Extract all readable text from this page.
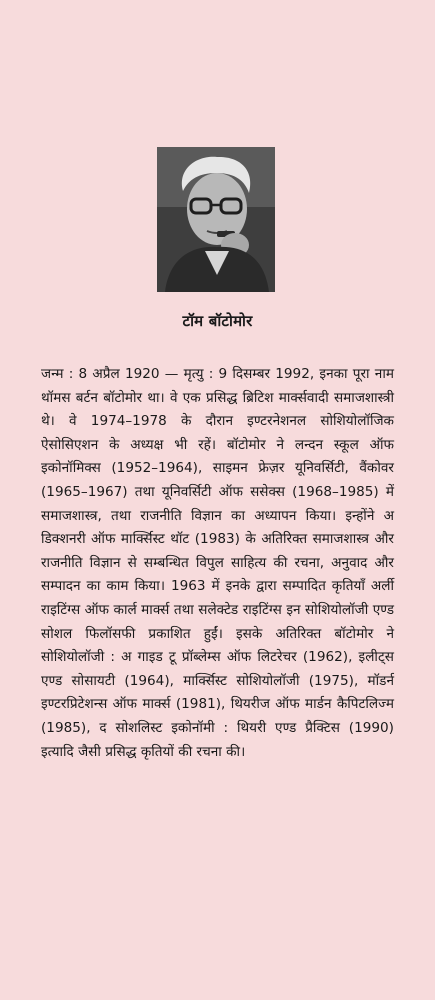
टॉम बॉटोमोर

जन्म : 8 अप्रैल 1920 — मृत्यु : 9 दिसम्बर 1992, इनका पूरा नाम थॉमस बर्टन बॉटोमोर था। वे एक प्रसिद्ध ब्रिटिश मार्क्सवादी समाजशास्त्री थे। वे 1974–1978 के दौरान इण्टरनेशनल सोशियोलॉजिक ऐसोसिएशन के अध्यक्ष भी रहें। बॉटोमोर ने लन्दन स्कूल ऑफ इकोनॉमिक्स (1952–1964), साइमन फ्रेज़र यूनिवर्सिटी, वैंकोवर (1965–1967) तथा यूनिवर्सिटी ऑफ ससेक्स (1968–1985) में समाजशास्त्र, तथा राजनीति विज्ञान का अध्यापन किया। इन्होंने अ डिक्शनरी ऑफ मार्क्सिस्ट थॉट (1983) के अतिरिक्त समाजशास्त्र और राजनीति विज्ञान से सम्बन्धित विपुल साहित्य की रचना, अनुवाद और सम्पादन का काम किया। 1963 में इनके द्वारा सम्पादित कृतियाँ अर्ली राइटिंग्स ऑफ कार्ल मार्क्स तथा सलेक्टेड राइटिंग्स इन सोशियोलॉजी एण्ड सोशल फिलॉसफी प्रकाशित हुईं। इसके अतिरिक्त बॉटोमोर ने सोशियोलॉजी : अ गाइड टू प्रॉब्लेम्स ऑफ लिटरेचर (1962), इलीट्स एण्ड सोसायटी (1964), मार्क्सिस्ट सोशियोलॉजी (1975), मॉडर्न इण्टरप्रिटेशन्स ऑफ मार्क्स (1981), थियरीज ऑफ मार्डन कैपिटलिज्म (1985), द सोशलिस्ट इकोनॉमी : थियरी एण्ड प्रैक्टिस (1990) इत्यादि जैसी प्रसिद्ध कृतियों की रचना की।
